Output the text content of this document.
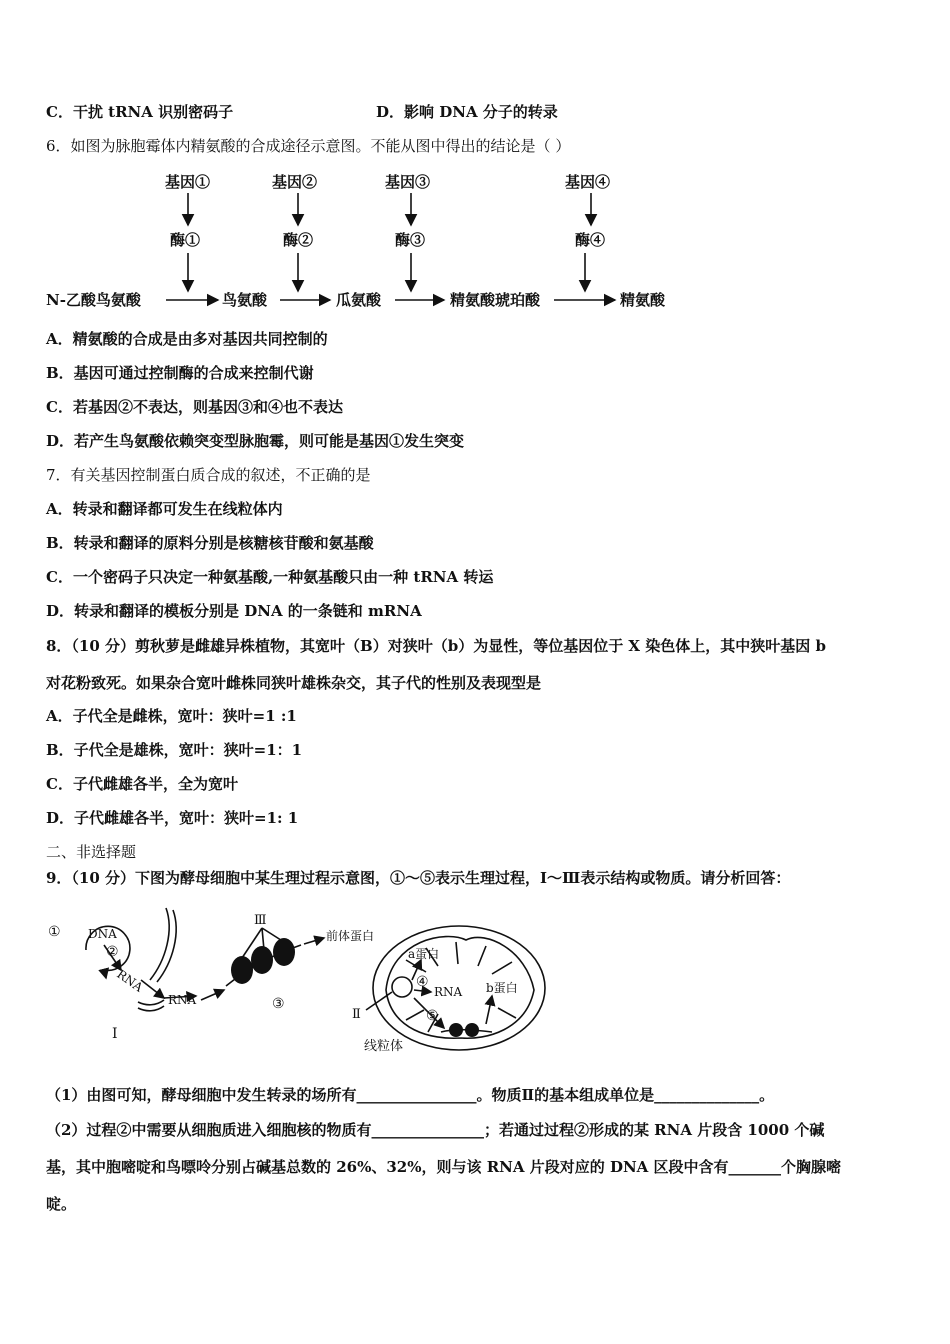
C．干扰 tRNA 识别密码子	D．影响 DNA 分子的转录
6．如图为脉胞霉体内精氨酸的合成途径示意图。不能从图中得出的结论是（ ）
基因①	基因②	基因③	基因④
酶①	酶②	酶③	酶④
N-乙酸鸟氨酸	鸟氨酸	瓜氨酸	精氨酸琥珀酸	精氨酸
A．精氨酸的合成是由多对基因共同控制的
B．基因可通过控制酶的合成来控制代谢
C．若基因②不表达，则基因③和④也不表达
D．若产生鸟氨酸依赖突变型脉胞霉，则可能是基因①发生突变
7．有关基因控制蛋白质合成的叙述，不正确的是
A．转录和翻译都可发生在线粒体内
B．转录和翻译的原料分别是核糖核苷酸和氨基酸
C．一个密码子只决定一种氨基酸,一种氨基酸只由一种 tRNA 转运
D．转录和翻译的模板分别是 DNA 的一条链和 mRNA
8．（10 分）剪秋萝是雌雄异株植物，其宽叶（B）对狭叶（b）为显性，等位基因位于 X 染色体上，其中狭叶基因 b
对花粉致死。如果杂合宽叶雌株同狭叶雄株杂交，其子代的性别及表现型是
A．子代全是雌株，宽叶：狭叶=1 :1
B．子代全是雄株，宽叶：狭叶=1：1
C．子代雌雄各半，全为宽叶
D．子代雌雄各半，宽叶：狭叶=1: 1
二、非选择题
9．（10 分）下图为酵母细胞中某生理过程示意图，①～⑤表示生理过程，Ⅰ～Ⅲ表示结构或物质。请分析回答：
① DNA
②
RNA
RNA
Ⅰ
Ⅲ
③
前体蛋白
a蛋白
④
RNA b蛋白
⑤
Ⅱ
线粒体
（1）由图可知，酵母细胞中发生转录的场所有________________。物质Ⅱ的基本组成单位是______________。
（2）过程②中需要从细胞质进入细胞核的物质有_______________；若通过过程②形成的某 RNA 片段含 1000 个碱
基，其中胞嘧啶和鸟嘌呤分别占碱基总数的 26%、32%，则与该 RNA 片段对应的 DNA 区段中含有_______个胸腺嘧
啶。
